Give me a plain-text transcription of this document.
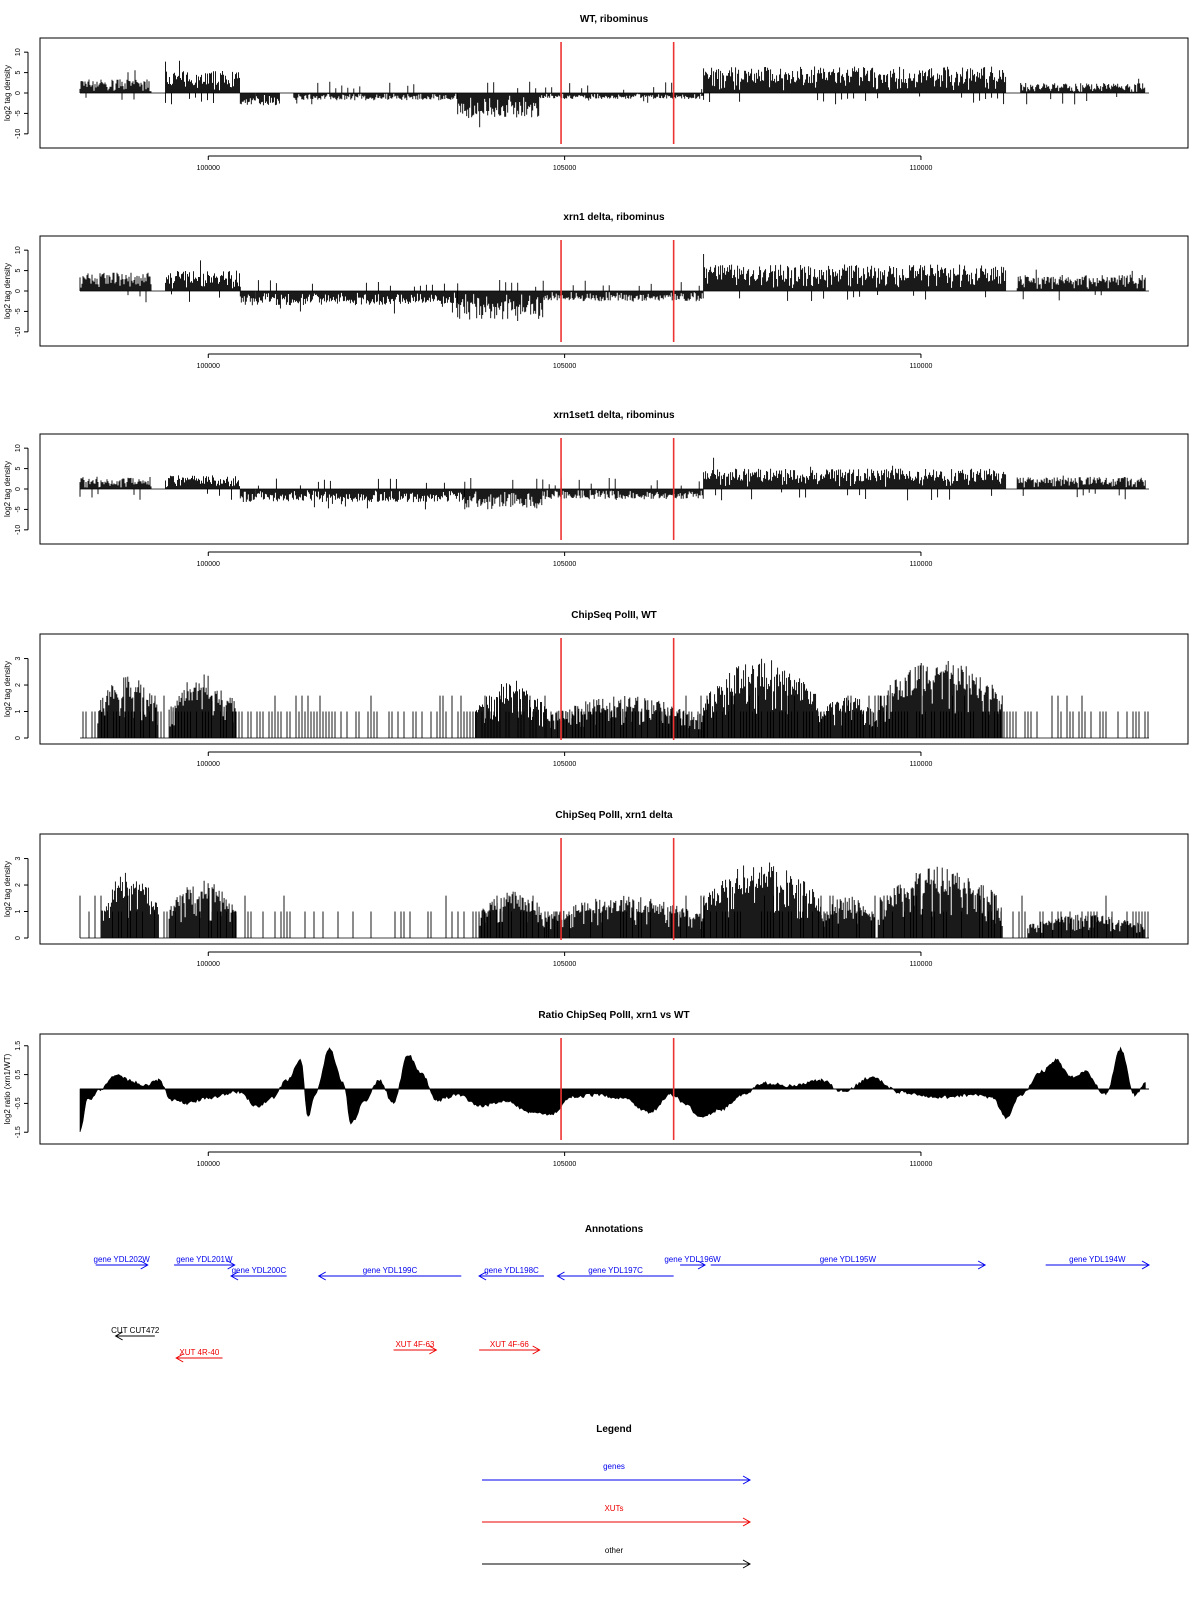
WT, ribominus
-10
-5
0
5
10
log2 tag density
100000	105000	110000
xrn1 delta, ribominus
-10
-5
0
5
10
log2 tag density
100000	105000	110000
xrn1set1 delta, ribominus
-10
-5
0
5
10
log2 tag density
100000	105000	110000
ChipSeq PolII, WT
0
1
2
3
log2 tag density
100000	105000	110000
ChipSeq PolII, xrn1 delta
0
1
2
3
log2 tag density
100000	105000	110000
Ratio ChipSeq PolII, xrn1 vs WT
-1.5
-0.5
0.5
1.5
log2 ratio (xrn1/WT)
100000	105000	110000
Annotations
gene YDL202W	gene YDL201W	gene YDL196W	gene YDL195W	gene YDL194W
gene YDL200C	gene YDL199C	gene YDL198C	gene YDL197C
CUT CUT472
XUT 4F-63	XUT 4F-66
XUT 4R-40
Legend
genes
XUTs
other
